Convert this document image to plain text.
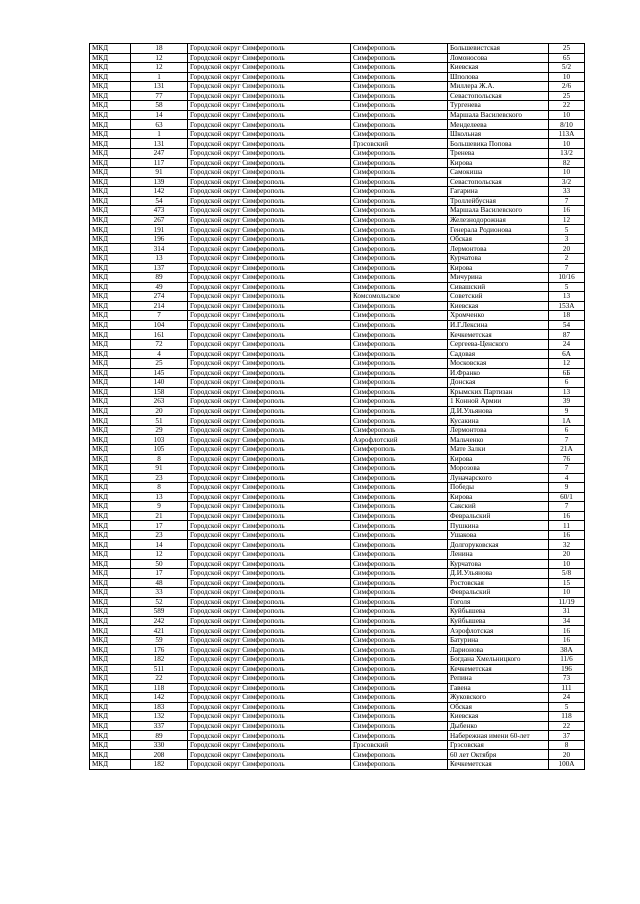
МКД	18	Городской округ Симферополь	Симферополь	Большевистская	25
МКД	12	Городской округ Симферополь	Симферополь	Ломоносова	65
МКД	12	Городской округ Симферополь	Симферополь	Киевская	5/2
МКД	1	Городской округ Симферополь	Симферополь	Шполова	10
МКД	131	Городской округ Симферополь	Симферополь	Миллера Ж.А.	2/6
МКД	77	Городской округ Симферополь	Симферополь	Севастопольская	25
МКД	58	Городской округ Симферополь	Симферополь	Тургенева	22
МКД	14	Городской округ Симферополь	Симферополь	Маршала Василевского	10
МКД	63	Городской округ Симферополь	Симферополь	Менделеева	8/10
МКД	1	Городской округ Симферополь	Симферополь	Школьная	113А
МКД	131	Городской округ Симферополь	Грэсовский	Большевика Попова	10
МКД	247	Городской округ Симферополь	Симферополь	Тренева	13/2
МКД	117	Городской округ Симферополь	Симферополь	Кирова	82
МКД	91	Городской округ Симферополь	Симферополь	Самокиша	10
МКД	139	Городской округ Симферополь	Симферополь	Севастопольская	3/2
МКД	142	Городской округ Симферополь	Симферополь	Гагарина	33
МКД	54	Городской округ Симферополь	Симферополь	Троллейбусная	7
МКД	473	Городской округ Симферополь	Симферополь	Маршала Василевского	16
МКД	267	Городской округ Симферополь	Симферополь	Железнодорожная	12
МКД	191	Городской округ Симферополь	Симферополь	Генерала Родионова	5
МКД	196	Городской округ Симферополь	Симферополь	Обская	3
МКД	314	Городской округ Симферополь	Симферополь	Лермонтова	20
МКД	13	Городской округ Симферополь	Симферополь	Курчатова	2
МКД	137	Городской округ Симферополь	Симферополь	Кирова	7
МКД	89	Городской округ Симферополь	Симферополь	Мичурина	10/16
МКД	49	Городской округ Симферополь	Симферополь	Сивашский	5
МКД	274	Городской округ Симферополь	Комсомольское	Советский	13
МКД	214	Городской округ Симферополь	Симферополь	Киевская	153А
МКД	7	Городской округ Симферополь	Симферополь	Хромченко	18
МКД	104	Городской округ Симферополь	Симферополь	И.Г.Лексина	54
МКД	161	Городской округ Симферополь	Симферополь	Кечкеметская	87
МКД	72	Городской округ Симферополь	Симферополь	Сергеева-Ценского	24
МКД	4	Городской округ Симферополь	Симферополь	Садовая	6А
МКД	25	Городской округ Симферополь	Симферополь	Московская	12
МКД	145	Городской округ Симферополь	Симферополь	И.Франко	6Б
МКД	140	Городской округ Симферополь	Симферополь	Донская	6
МКД	158	Городской округ Симферополь	Симферополь	Крымских Партизан	13
МКД	263	Городской округ Симферополь	Симферополь	1 Конной Армии	39
МКД	20	Городской округ Симферополь	Симферополь	Д.И.Ульянова	9
МКД	51	Городской округ Симферополь	Симферополь	Кусакина	1А
МКД	29	Городской округ Симферополь	Симферополь	Лермонтова	6
МКД	103	Городской округ Симферополь	Аэрофлотский	Мальченко	7
МКД	105	Городской округ Симферополь	Симферополь	Мате Залки	21А
МКД	8	Городской округ Симферополь	Симферополь	Кирова	76
МКД	91	Городской округ Симферополь	Симферополь	Морозова	7
МКД	23	Городской округ Симферополь	Симферополь	Луначарского	4
МКД	8	Городской округ Симферополь	Симферополь	Победы	9
МКД	13	Городской округ Симферополь	Симферополь	Кирова	60/1
МКД	9	Городской округ Симферополь	Симферополь	Сакский	7
МКД	21	Городской округ Симферополь	Симферополь	Февральский	16
МКД	17	Городской округ Симферополь	Симферополь	Пушкина	11
МКД	23	Городской округ Симферополь	Симферополь	Ушакова	16
МКД	14	Городской округ Симферополь	Симферополь	Долгоруковская	32
МКД	12	Городской округ Симферополь	Симферополь	Ленина	20
МКД	50	Городской округ Симферополь	Симферополь	Курчатова	10
МКД	17	Городской округ Симферополь	Симферополь	Д.И.Ульянова	5/8
МКД	48	Городской округ Симферополь	Симферополь	Ростовская	15
МКД	33	Городской округ Симферополь	Симферополь	Февральский	10
МКД	52	Городской округ Симферополь	Симферополь	Гоголя	11/19
МКД	589	Городской округ Симферополь	Симферополь	Куйбышева	31
МКД	242	Городской округ Симферополь	Симферополь	Куйбышева	34
МКД	421	Городской округ Симферополь	Симферополь	Аэрофлотская	16
МКД	59	Городской округ Симферополь	Симферополь	Батурина	16
МКД	176	Городской округ Симферополь	Симферополь	Ларионова	38А
МКД	182	Городской округ Симферополь	Симферополь	Богдана Хмельницкого	11/6
МКД	511	Городской округ Симферополь	Симферополь	Кечкеметская	196
МКД	22	Городской округ Симферополь	Симферополь	Репина	73
МКД	118	Городской округ Симферополь	Симферополь	Гавена	111
МКД	142	Городской округ Симферополь	Симферополь	Жуковского	24
МКД	183	Городской округ Симферополь	Симферополь	Обская	5
МКД	132	Городской округ Симферополь	Симферополь	Киевская	118
МКД	337	Городской округ Симферополь	Симферополь	Дыбенко	22
МКД	89	Городской округ Симферополь	Симферополь	Набережная имени 60-лет	37
МКД	330	Городской округ Симферополь	Грэсовский	Грэсовская	8
МКД	208	Городской округ Симферополь	Симферополь	60 лет Октября	20
МКД	182	Городской округ Симферополь	Симферополь	Кечкеметская	100А
